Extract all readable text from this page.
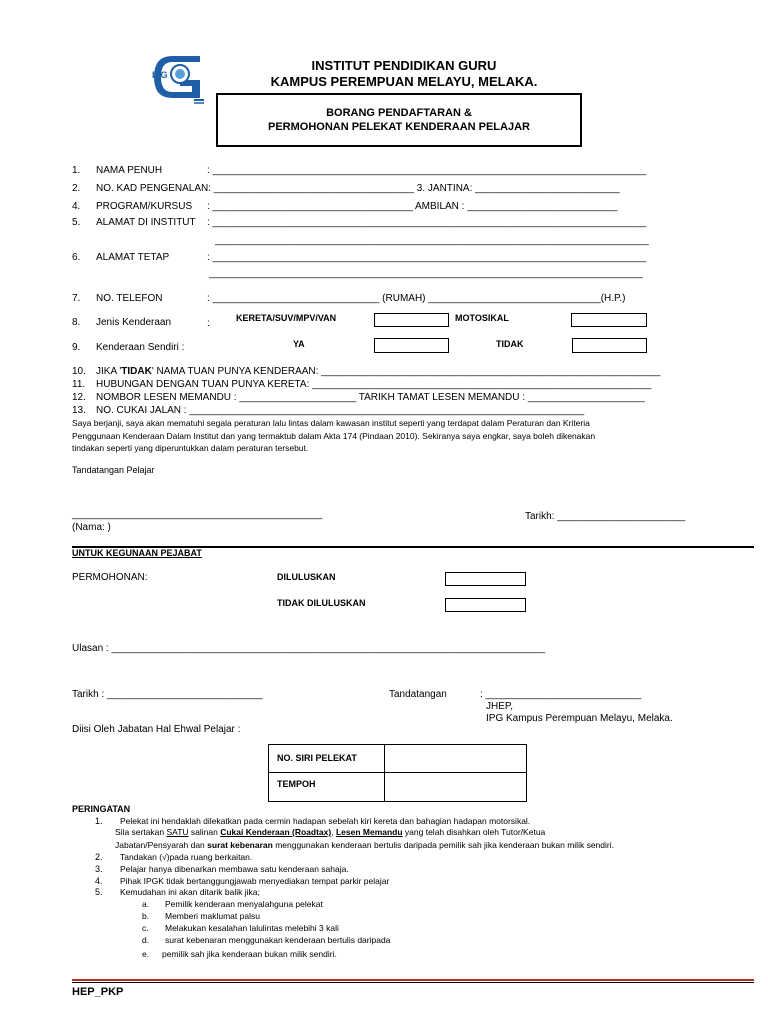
IPG
INSTITUT PENDIDIKAN GURU
KAMPUS PEREMPUAN MELAYU, MELAKA.
BORANG PENDAFTARAN &
PERMOHONAN PELEKAT KENDERAAN PELAJAR
1. NAMA PENUH	: ______________________________________________________________________________
2. NO. KAD PENGENALAN: ____________________________________ 3. JANTINA: __________________________
4. PROGRAM/KURSUS : ____________________________________ AMBILAN : ___________________________
5. ALAMAT DI INSTITUT : ______________________________________________________________________________
______________________________________________________________________________
6. ALAMAT TETAP	: ______________________________________________________________________________
______________________________________________________________________________
7. NO. TELEFON	: ______________________________ (RUMAH) _______________________________(H.P.)
8. Jenis Kenderaan	:	KERETA/SUV/MPV/VAN	MOTOSIKAL
9. Kenderaan Sendiri :	YA	TIDAK
10. JIKA 'TIDAK' NAMA TUAN PUNYA KENDERAAN: _____________________________________________________________
11. HUBUNGAN DENGAN TUAN PUNYA KERETA: _____________________________________________________________
12. NOMBOR LESEN MEMANDU : _____________________ TARIKH TAMAT LESEN MEMANDU : _____________________
13. NO. CUKAI JALAN : _______________________________________________________________________
Saya berjanji, saya akan mematuhi segala peraturan lalu lintas dalam kawasan institut seperti yang terdapat dalam Peraturan dan Kriteria
Penggunaan Kenderaan Dalam Institut dan yang termaktub dalam Akta 174 (Pindaan 2010). Sekiranya saya engkar, saya boleh dikenakan
tindakan seperti yang diperuntukkan dalam peraturan tersebut.
Tandatangan Pelajar
_____________________________________________
(Nama: )
Tarikh: _______________________
UNTUK KEGUNAAN PEJABAT
PERMOHONAN:	DILULUSKAN
TIDAK DILULUSKAN
Ulasan : ______________________________________________________________________________
Tarikh : ____________________________	Tandatangan	: ____________________________
JHEP,
IPG Kampus Perempuan Melayu, Melaka.
Diisi Oleh Jabatan Hal Ehwal Pelajar :
NO. SIRI PELEKAT
TEMPOH
PERINGATAN
1. Pelekat ini hendaklah dilekatkan pada cermin hadapan sebelah kiri kereta dan bahagian hadapan motorsikal.
Sila sertakan SATU salinan Cukai Kenderaan (Roadtax), Lesen Memandu yang telah disahkan oleh Tutor/Ketua
Jabatan/Pensyarah dan surat kebenaran menggunakan kenderaan bertulis daripada pemilik sah jika kenderaan bukan milik sendiri.
2. Tandakan (√)pada ruang berkaitan.
3. Pelajar hanya dibenarkan membawa satu kenderaan sahaja.
4. Pihak IPGK tidak bertanggungjawab menyediakan tempat parkir pelajar
5. Kemudahan ini akan ditarik balik jika;
a. Pemilik kenderaan menyalahguna pelekat
b. Memberi maklumat palsu
c. Melakukan kesalahan lalulintas melebihi 3 kali
d. surat kebenaran menggunakan kenderaan bertulis daripada
e. pemilik sah jika kenderaan bukan milik sendiri.
HEP_PKP
